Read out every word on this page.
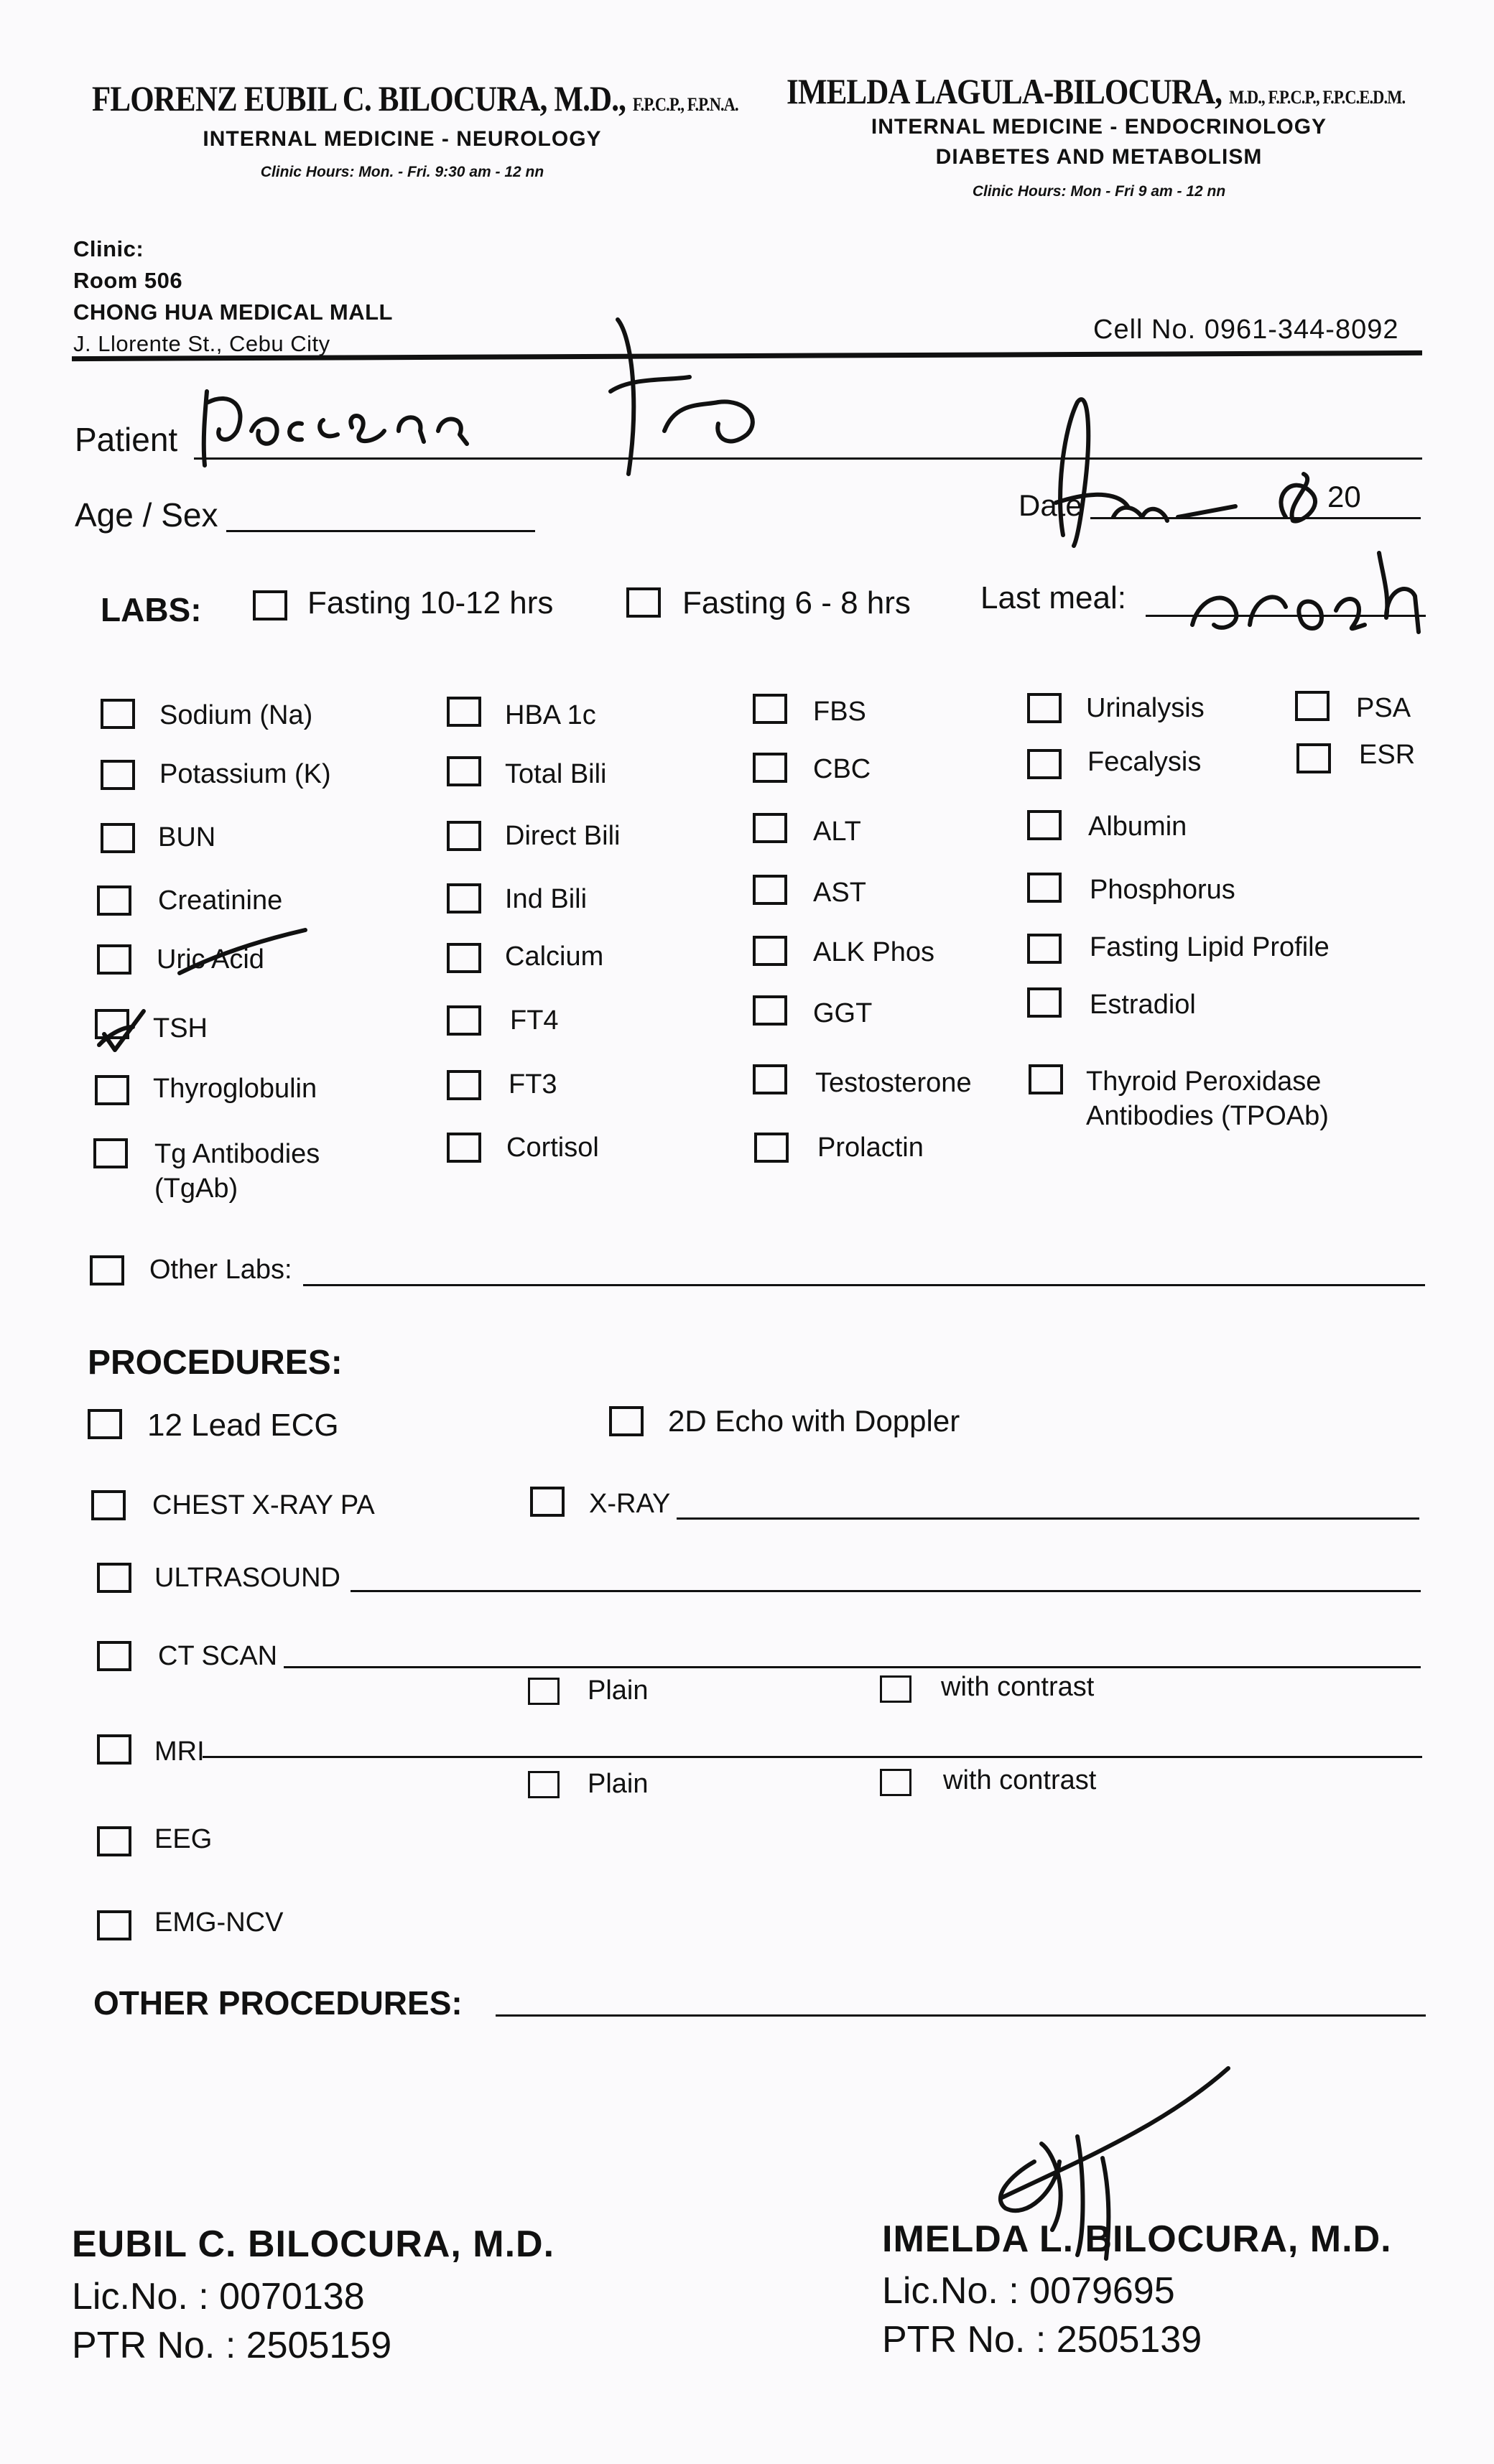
FLORENZ EUBIL C. BILOCURA, M.D., F.P.C.P., F.P.N.A.
INTERNAL MEDICINE - NEUROLOGY
Clinic Hours: Mon. - Fri. 9:30 am - 12 nn
IMELDA LAGULA-BILOCURA, M.D., F.P.C.P., F.P.C.E.D.M.
INTERNAL MEDICINE - ENDOCRINOLOGY
DIABETES AND METABOLISM
Clinic Hours: Mon - Fri 9 am - 12 nn
Clinic:
Room 506
CHONG HUA MEDICAL MALL
J. Llorente St., Cebu City	Cell No. 0961-344-8092
Patient
Age / Sex	Date	20
LABS:	Fasting 10-12 hrs	Fasting 6 - 8 hrs Last meal:
Sodium (Na)
Potassium (K)
BUN
Creatinine
Uric Acid
TSH
Thyroglobulin
Tg Antibodies (TgAb)
HBA 1c
Total Bili
Direct Bili
Ind Bili
Calcium
FT4
FT3
Cortisol
FBS
CBC
ALT
AST
ALK Phos
GGT
Testosterone
Prolactin
Urinalysis
Fecalysis
Albumin
Phosphorus
Fasting Lipid Profile
Estradiol
Thyroid Peroxidase Antibodies (TPOAb)
PSA
ESR
Other Labs:
PROCEDURES:
12 Lead ECG	2D Echo with Doppler
CHEST X-RAY PA	X-RAY
ULTRASOUND
CT SCAN
Plain	with contrast
MRI
Plain	with contrast
EEG
EMG-NCV
OTHER PROCEDURES:
EUBIL C. BILOCURA, M.D.
Lic.No. : 0070138
PTR No. : 2505159
IMELDA L. BILOCURA, M.D.
Lic.No. : 0079695
PTR No. : 2505139
